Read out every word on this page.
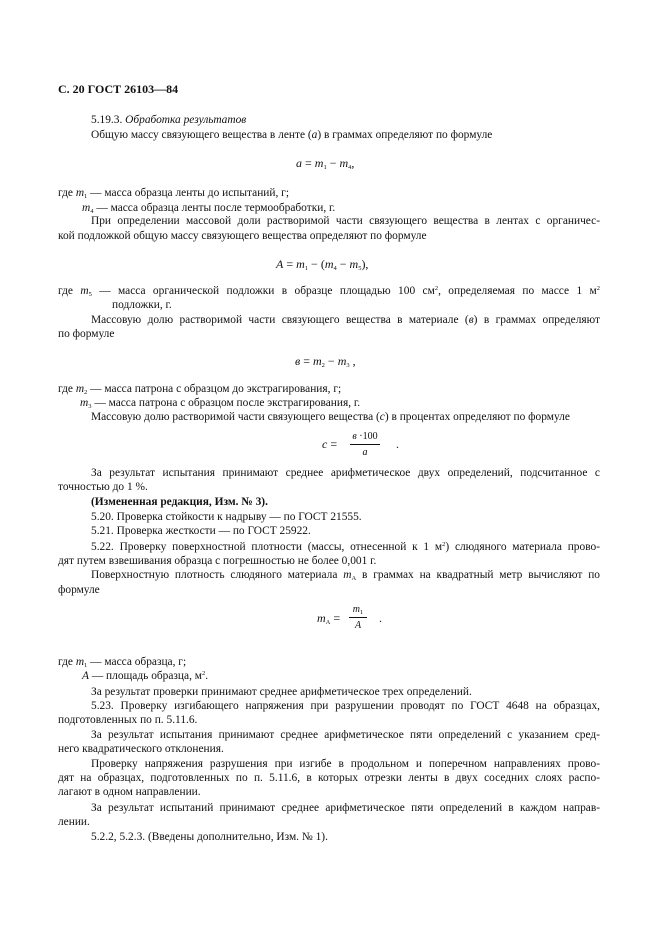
С. 20 ГОСТ 26103—84
5.19.3. Обработка результатов
Общую массу связующего вещества в ленте (а) в граммах определяют по формуле
$a = m_1 - m_4$,
где $m_1$ — масса образца ленты до испытаний, г;
$m_4$ — масса образца ленты после термообработки, г.
При определении массовой доли растворимой части связующего вещества в лентах с органичес-
кой подложкой общую массу связующего вещества определяют по формуле
$A = m_1 - (m_4 - m_5)$,
где $m_5$ — масса органической подложки в образце площадью 100 $см^2$, определяемая по массе 1 $м^2$
подложки, г.
Массовую долю растворимой части связующего вещества в материале (в) в граммах определяют
по формуле
$в = m_2 - m_3$ ,
где $m_2$ — масса патрона с образцом до экстрагирования, г;
$m_3$ — масса патрона с образцом после экстрагирования, г.
Массовую долю растворимой части связующего вещества (с) в процентах определяют по формуле
c =
в ·100
a
.
За результат испытания принимают среднее арифметическое двух определений, подсчитанное с
точностью до 1 %.
(Измененная редакция, Изм. № 3).
5.20. Проверка стойкости к надрыву — по ГОСТ 21555.
5.21. Проверка жесткости — по ГОСТ 25922.
5.22. Проверку поверхностной плотности (массы, отнесенной к 1 $м^2$) слюдяного материала прово-
дят путем взвешивания образца с погрешностью не более 0,001 г.
Поверхностную плотность слюдяного материала $m_A$ в граммах на квадратный метр вычисляют по
формуле
$m_A$ =
$m_1$
A
.
где $m_1$ — масса образца, г;
A — площадь образца, $м^2$.
За результат проверки принимают среднее арифметическое трех определений.
5.23. Проверку изгибающего напряжения при разрушении проводят по ГОСТ 4648 на образцах,
подготовленных по п. 5.11.6.
За результат испытания принимают среднее арифметическое пяти определений с указанием сред-
него квадратического отклонения.
Проверку напряжения разрушения при изгибе в продольном и поперечном направлениях прово-
дят на образцах, подготовленных по п. 5.11.6, в которых отрезки ленты в двух соседних слоях распо-
лагают в одном направлении.
За результат испытаний принимают среднее арифметическое пяти определений в каждом направ-
лении.
5.2.2, 5.2.3. (Введены дополнительно, Изм. № 1).
